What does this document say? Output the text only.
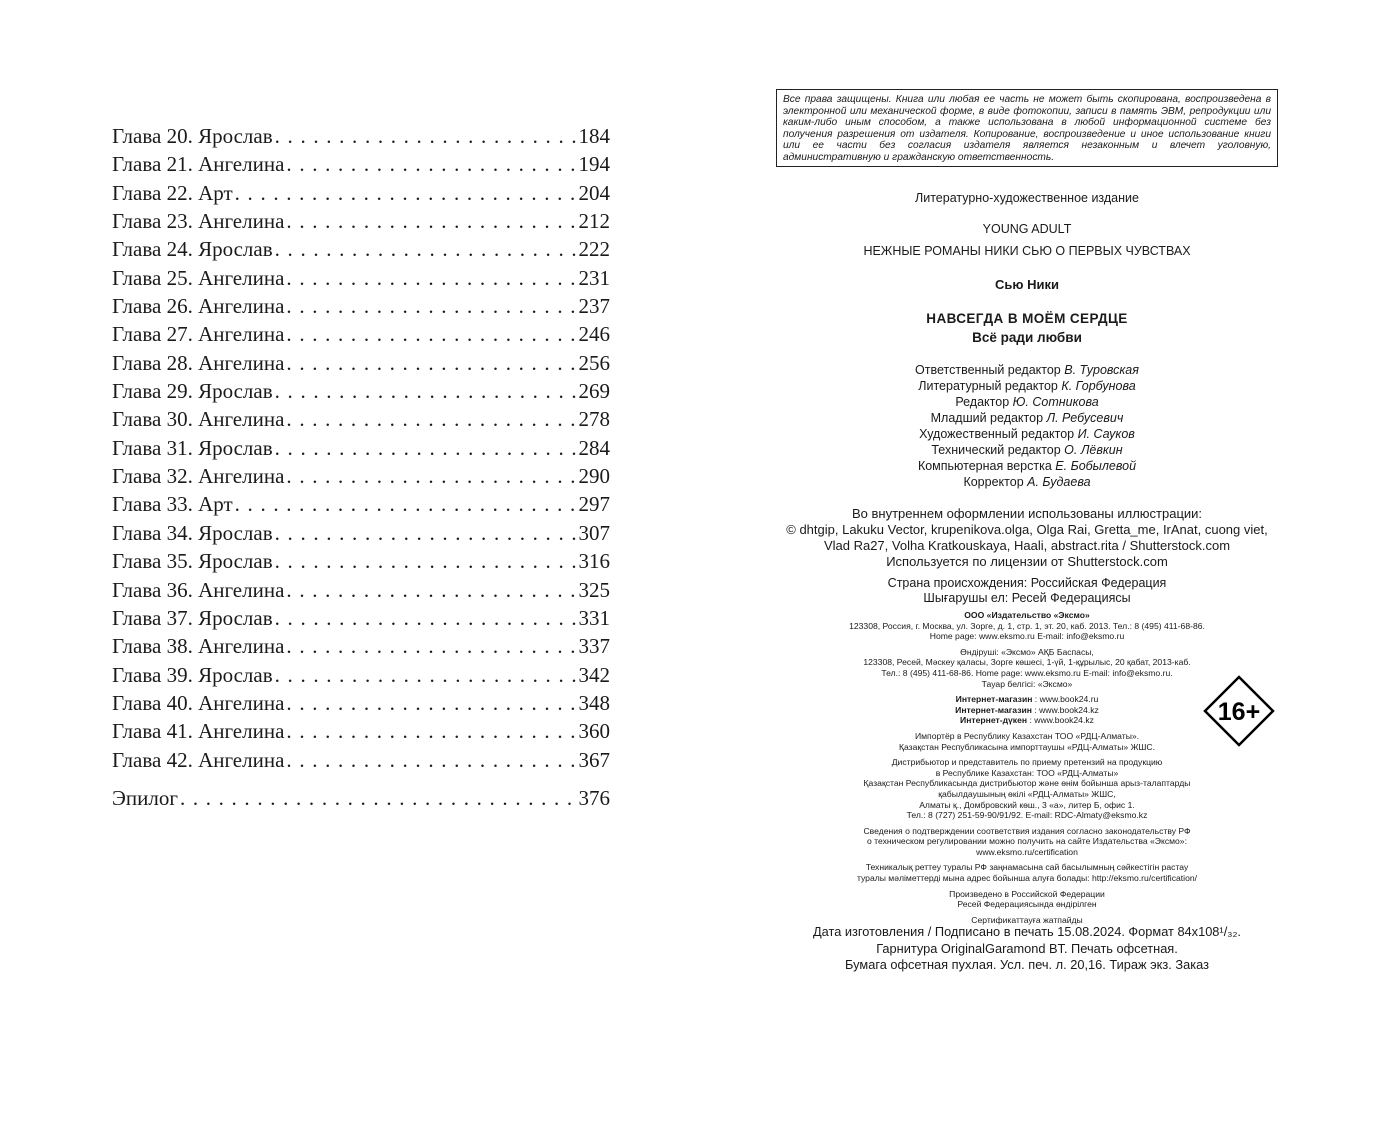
Глава 20. Ярослав . . .	184
Глава 21. Ангелина . . .	194
Глава 22. Арт . . .	204
Глава 23. Ангелина . . .	212
Глава 24. Ярослав . . .	222
Глава 25. Ангелина . . .	231
Глава 26. Ангелина . . .	237
Глава 27. Ангелина . . .	246
Глава 28. Ангелина . . .	256
Глава 29. Ярослав . . .	269
Глава 30. Ангелина . . .	278
Глава 31. Ярослав . . .	284
Глава 32. Ангелина . . .	290
Глава 33. Арт . . .	297
Глава 34. Ярослав . . .	307
Глава 35. Ярослав . . .	316
Глава 36. Ангелина . . .	325
Глава 37. Ярослав . . .	331
Глава 38. Ангелина . . .	337
Глава 39. Ярослав . . .	342
Глава 40. Ангелина . . .	348
Глава 41. Ангелина . . .	360
Глава 42. Ангелина . . .	367
Эпилог . . .	376
Все права защищены. Книга или любая ее часть не может быть скопирована, воспроизведена в электронной или механической форме, в виде фотокопии, записи в память ЭВМ, репродукции или каким-либо иным способом, а также использована в любой информационной системе без получения разрешения от издателя. Копирование, воспроизведение и иное использование книги или ее части без согласия издателя является незаконным и влечет уголовную, административную и гражданскую ответственность.
Литературно-художественное издание
YOUNG ADULT
НЕЖНЫЕ РОМАНЫ НИКИ СЬЮ О ПЕРВЫХ ЧУВСТВАХ
Сью Ники
НАВСЕГДА В МОЁМ СЕРДЦЕ
Всё ради любви
Ответственный редактор В. Туровская
Литературный редактор К. Горбунова
Редактор Ю. Сотникова
Младший редактор Л. Ребусевич
Художественный редактор И. Сауков
Технический редактор О. Лёвкин
Компьютерная верстка Е. Бобылевой
Корректор А. Будаева
Во внутреннем оформлении использованы иллюстрации:
© dhtgip, Lakuku Vector, krupenikova.olga, Olga Rai, Gretta_me, IrAnat, cuong viet,
Vlad Ra27, Volha Kratkouskaya, Haali, abstract.rita / Shutterstock.com
Используется по лицензии от Shutterstock.com
Страна происхождения: Российская Федерация
Шығарушы ел: Ресей Федерациясы
ООО «Издательство «Эксмо»
123308, Россия, г. Москва, ул. Зорге, д. 1, стр. 1, эт. 20, каб. 2013. Тел.: 8 (495) 411-68-86.
Home page: www.eksmo.ru E-mail: info@eksmo.ru
Өндіруші: «Эксмо» АҚБ Баспасы,
123308, Ресей, Мәскеу қаласы, Зорге көшесі, 1-үй, 1-құрылыс, 20 қабат, 2013-каб.
Тел.: 8 (495) 411-68-86. Home page: www.eksmo.ru E-mail: info@eksmo.ru.
Тауар белгісі: «Эксмо»
Интернет-магазин : www.book24.ru
Интернет-магазин : www.book24.kz
Интернет-дүкен : www.book24.kz
Импортёр в Республику Казахстан ТОО «РДЦ-Алматы».
Қазақстан Республикасына импорттаушы «РДЦ-Алматы» ЖШС.
Дистрибьютор и представитель по приему претензий на продукцию
в Республике Казахстан: ТОО «РДЦ-Алматы»
Қазақстан Республикасында дистрибьютор және өнім бойынша арыз-талаптарды
қабылдаушының өкілі «РДЦ-Алматы» ЖШС,
Алматы қ., Домбровский көш., 3 «а», литер Б, офис 1.
Тел.: 8 (727) 251-59-90/91/92. E-mail: RDC-Almaty@eksmo.kz
Сведения о подтверждении соответствия издания согласно законодательству РФ
о техническом регулировании можно получить на сайте Издательства «Эксмо»:
www.eksmo.ru/certification
Техникалық реттеу туралы РФ заңнамасына сай басылымның сәйкестігін растау
туралы мәліметтерді мына адрес бойынша алуға болады: http://eksmo.ru/certification/
Произведено в Российской Федерации
Ресей Федерациясында өндірілген
Сертификаттауға жатпайды
Дата изготовления / Подписано в печать 15.08.2024. Формат 84x108¹/₃₂.
Гарнитура OriginalGaramond BT. Печать офсетная.
Бумага офсетная пухлая. Усл. печ. л. 20,16. Тираж экз. Заказ
16+
